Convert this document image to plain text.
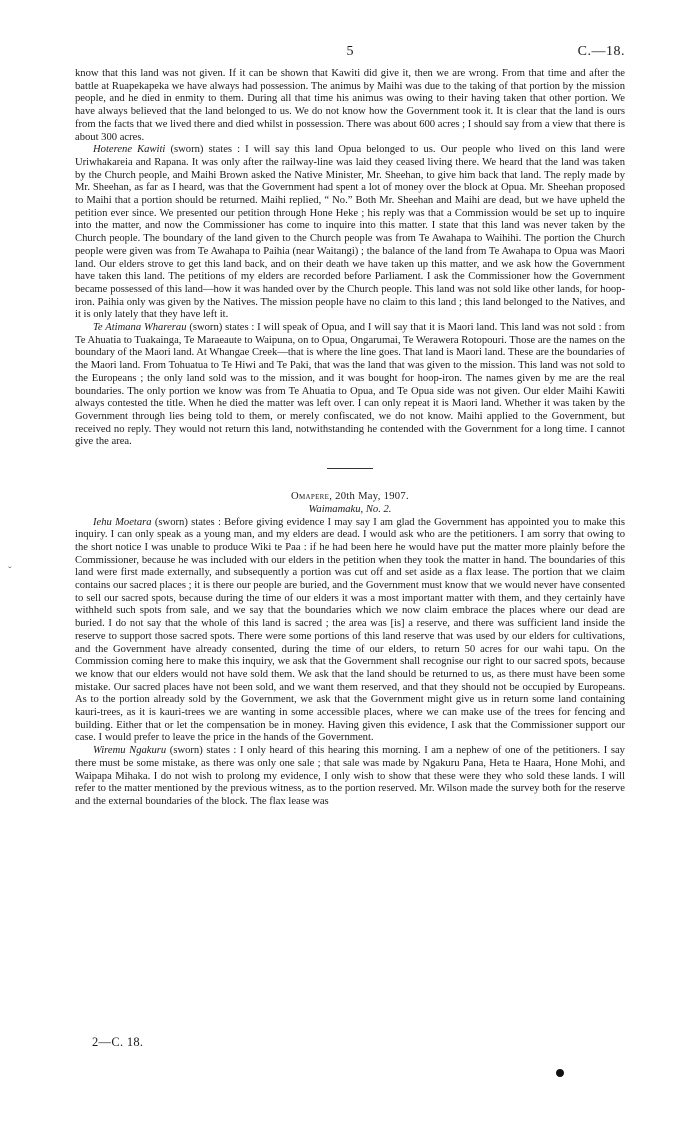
5	C.—18.
ˇ

know that this land was not given. If it can be shown that Kawiti did give it, then we are wrong. From that time and after the battle at Ruapekapeka we have always had possession. The animus by Maihi was due to the taking of that portion by the mission people, and he died in enmity to them. During all that time his animus was owing to their having taken that other portion. We have always believed that the land belonged to us. We do not know how the Government took it. It is clear that the land is ours from the facts that we lived there and died whilst in possession. There was about 600 acres ; I should say from a view that there is about 300 acres.

Hoterene Kawiti (sworn) states : I will say this land Opua belonged to us. Our people who lived on this land were Uriwhakareia and Rapana. It was only after the railway-line was laid they ceased living there. We heard that the land was taken by the Church people, and Maihi Brown asked the Native Minister, Mr. Sheehan, to give him back that land. The reply made by Mr. Sheehan, as far as I heard, was that the Government had spent a lot of money over the block at Opua. Mr. Sheehan proposed to Maihi that a portion should be returned. Maihi replied, “ No.” Both Mr. Sheehan and Maihi are dead, but we have upheld the petition ever since. We presented our petition through Hone Heke ; his reply was that a Commission would be set up to inquire into the matter, and now the Commissioner has come to inquire into this matter. I state that this land was never taken by the Church people. The boundary of the land given to the Church people was from Te Awahapa to Waihihi. The portion the Church people were given was from Te Awahapa to Paihia (near Waitangi) ; the balance of the land from Te Awahapa to Opua was Maori land. Our elders strove to get this land back, and on their death we have taken up this matter, and we ask how the Government have taken this land. The petitions of my elders are recorded before Parliament. I ask the Commissioner how the Government became possessed of this land—how it was handed over by the Church people. This land was not sold like other lands, for hoop-iron. Paihia only was given by the Natives. The mission people have no claim to this land ; this land belonged to the Natives, and it is only lately that they have left it.

Te Atimana Wharerau (sworn) states : I will speak of Opua, and I will say that it is Maori land. This land was not sold : from Te Ahuatia to Tuakainga, Te Maraeaute to Waipuna, on to Opua, Ongarumai, Te Werawera Rotopouri. Those are the names on the boundary of the Maori land. At Whangae Creek—that is where the line goes. That land is Maori land. These are the boundaries of the Maori land. From Tohuatua to Te Hiwi and Te Paki, that was the land that was given to the mission. This land was not sold to the Europeans ; the only land sold was to the mission, and it was bought for hoop-iron. The names given by me are the real boundaries. The only portion we know was from Te Ahuatia to Opua, and Te Opua side was not given. Our elder Maihi Kawiti always contested the title. When he died the matter was left over. I can only repeat it is Maori land. Whether it was taken by the Government through lies being told to them, or merely confiscated, we do not know. Maihi applied to the Government, but received no reply. They would not return this land, notwithstanding he contended with the Government for a long time. I cannot give the area.

Omapere, 20th May, 1907.

Waimamaku, No. 2.

Iehu Moetara (sworn) states : Before giving evidence I may say I am glad the Government has appointed you to make this inquiry. I can only speak as a young man, and my elders are dead. I would ask who are the petitioners. I am sorry that owing to the short notice I was unable to produce Wiki te Paa : if he had been here he would have put the matter more plainly before the Commissioner, because he was included with our elders in the petition when they took the matter in hand. The boundaries of this land were first made externally, and subsequently a portion was cut off and set aside as a flax lease. The portion that we claim contains our sacred places ; it is there our people are buried, and the Government must know that we would never have consented to sell our sacred spots, because during the time of our elders it was a most important matter with them, and they certainly have withheld such spots from sale, and we say that the boundaries which we now claim embrace the places where our dead are buried. I do not say that the whole of this land is sacred ; the area was [is] a reserve, and there was sufficient land inside the reserve to support those sacred spots. There were some portions of this land reserve that was used by our elders for cultivations, and the Government have already consented, during the time of our elders, to return 50 acres for our wahi tapu. On the Commission coming here to make this inquiry, we ask that the Government shall recognise our right to our sacred spots, because we know that our elders would not have sold them. We ask that the land should be returned to us, as there must have been some mistake. Our sacred places have not been sold, and we want them reserved, and that they should not be occupied by Europeans. As to the portion already sold by the Government, we ask that the Government might give us in return some land containing kauri-trees, as it is kauri-trees we are wanting in some accessible places, where we can make use of the trees for fencing and building. Either that or let the compensation be in money. Having given this evidence, I ask that the Commissioner support our case. I would prefer to leave the price in the hands of the Government.

Wiremu Ngakuru (sworn) states : I only heard of this hearing this morning. I am a nephew of one of the petitioners. I say there must be some mistake, as there was only one sale ; that sale was made by Ngakuru Pana, Heta te Haara, Hone Mohi, and Waipapa Mihaka. I do not wish to prolong my evidence, I only wish to show that these were they who sold these lands. I will refer to the matter mentioned by the previous witness, as to the portion reserved. Mr. Wilson made the survey both for the reserve and the external boundaries of the block. The flax lease was

2—C. 18.
